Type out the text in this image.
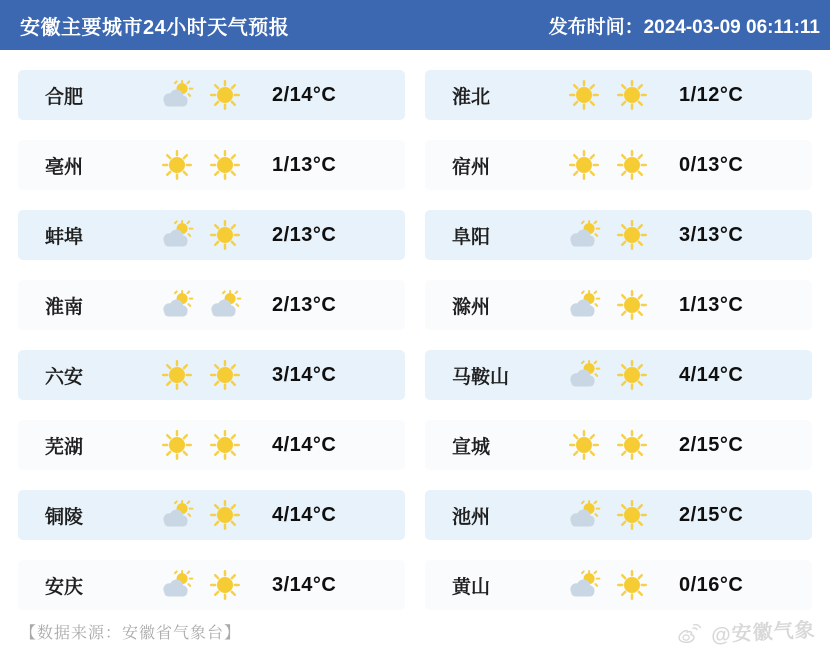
安徽主要城市24小时天气预报	发布时间：2024-03-09 06:11:11
合肥	2/14°C
亳州	1/13°C
蚌埠	2/13°C
淮南	2/13°C
六安	3/14°C
芜湖	4/14°C
铜陵	4/14°C
安庆	3/14°C
淮北	1/12°C
宿州	0/13°C
阜阳	3/13°C
滁州	1/13°C
马鞍山	4/14°C
宣城	2/15°C
池州	2/15°C
黄山	0/16°C
【数据来源：安徽省气象台】	@安徽气象
